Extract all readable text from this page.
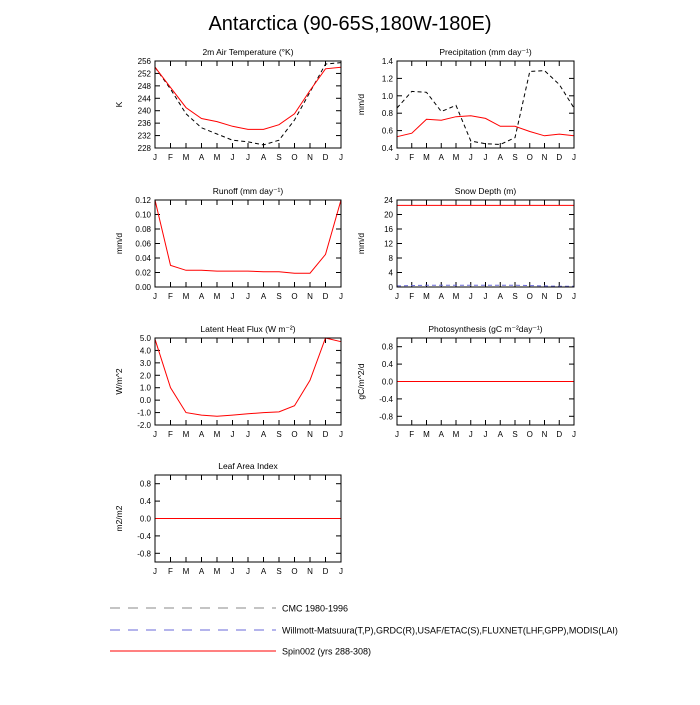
Antarctica (90-65S,180W-180E)
2m Air Temperature (°K)
K
228
232
236
240
244
248
252
256
J F M A M J J A S O N D J
Precipitation (mm day⁻¹)
mm/d
0.4
0.6
0.8
1.0
1.2
1.4
J F M A M J J A S O N D J
Runoff (mm day⁻¹)
mm/d
0.00
0.02
0.04
0.06
0.08
0.10
0.12
J F M A M J J A S O N D J
Snow Depth (m)
mm/d
0
4
8
12
16
20
24
J F M A M J J A S O N D J
Latent Heat Flux (W m⁻²)
W/m^2
-2.0
-1.0
0.0
1.0
2.0
3.0
4.0
5.0
J F M A M J J A S O N D J
Photosynthesis (gC m⁻²day⁻¹)
gC/m^2/d
-0.8
-0.4
0.0
0.4
0.8
J F M A M J J A S O N D J
Leaf Area Index
m2/m2
-0.8
-0.4
0.0
0.4
0.8
J F M A M J J A S O N D J
CMC 1980-1996
Willmott-Matsuura(T,P),GRDC(R),USAF/ETAC(S),FLUXNET(LHF,GPP),MODIS(LAI)
Spin002 (yrs 288-308)
